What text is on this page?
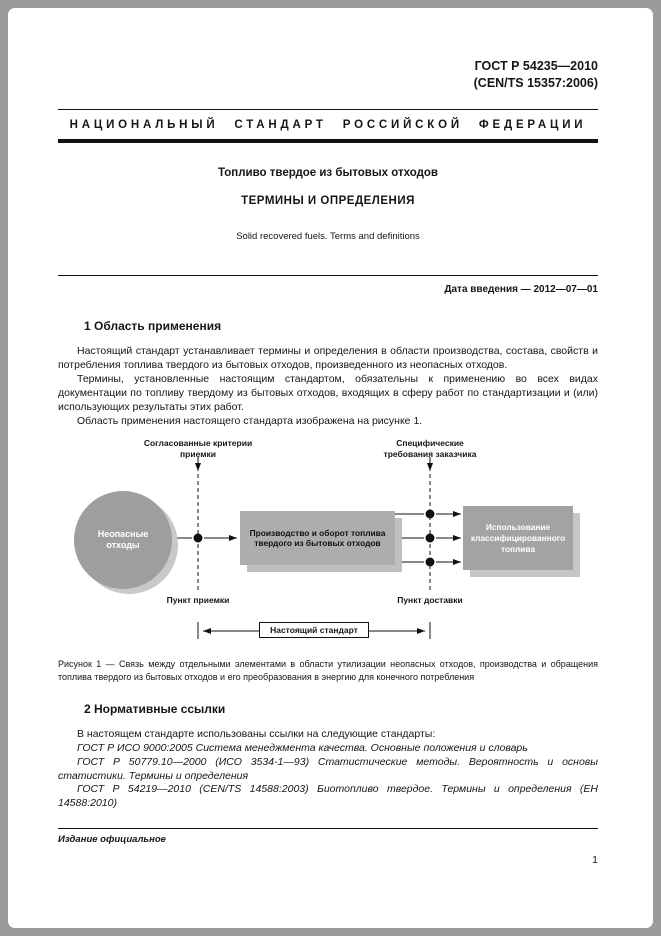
ГОСТ Р 54235—2010
(CEN/TS 15357:2006)
НАЦИОНАЛЬНЫЙ СТАНДАРТ РОССИЙСКОЙ ФЕДЕРАЦИИ
Топливо твердое из бытовых отходов
ТЕРМИНЫ И ОПРЕДЕЛЕНИЯ
Solid recovered fuels. Terms and definitions
Дата введения — 2012—07—01
1 Область применения

Настоящий стандарт устанавливает термины и определения в области производства, состава, свойств и потребления топлива твердого из бытовых отходов, произведенного из неопасных отходов.

Термины, установленные настоящим стандартом, обязательны к применению во всех видах документации по топливу твердому из бытовых отходов, входящих в сферу работ по стандартизации и (или) использующих результаты этих работ.

Область применения настоящего стандарта изображена на рисунке 1.

Согласованные критерии приемки
Специфические требования заказчика
Неопасные отходы
Производство и оборот топлива твердого из бытовых отходов
Использование классифицированного топлива
Пункт приемки	Пункт доставки
Настоящий стандарт

Рисунок 1 — Связь между отдельными элементами в области утилизации неопасных отходов, производства и обращения топлива твердого из бытовых отходов и его преобразования в энергию для конечного потребления

2 Нормативные ссылки

В настоящем стандарте использованы ссылки на следующие стандарты:

ГОСТ Р ИСО 9000:2005 Система менеджмента качества. Основные положения и словарь

ГОСТ Р 50779.10—2000 (ИСО 3534-1—93) Статистические методы. Вероятность и основы статистики. Термины и определения

ГОСТ Р 54219—2010 (CEN/TS 14588:2003) Биотопливо твердое. Термины и определения (ЕН 14588:2010)

Издание официальное
1
